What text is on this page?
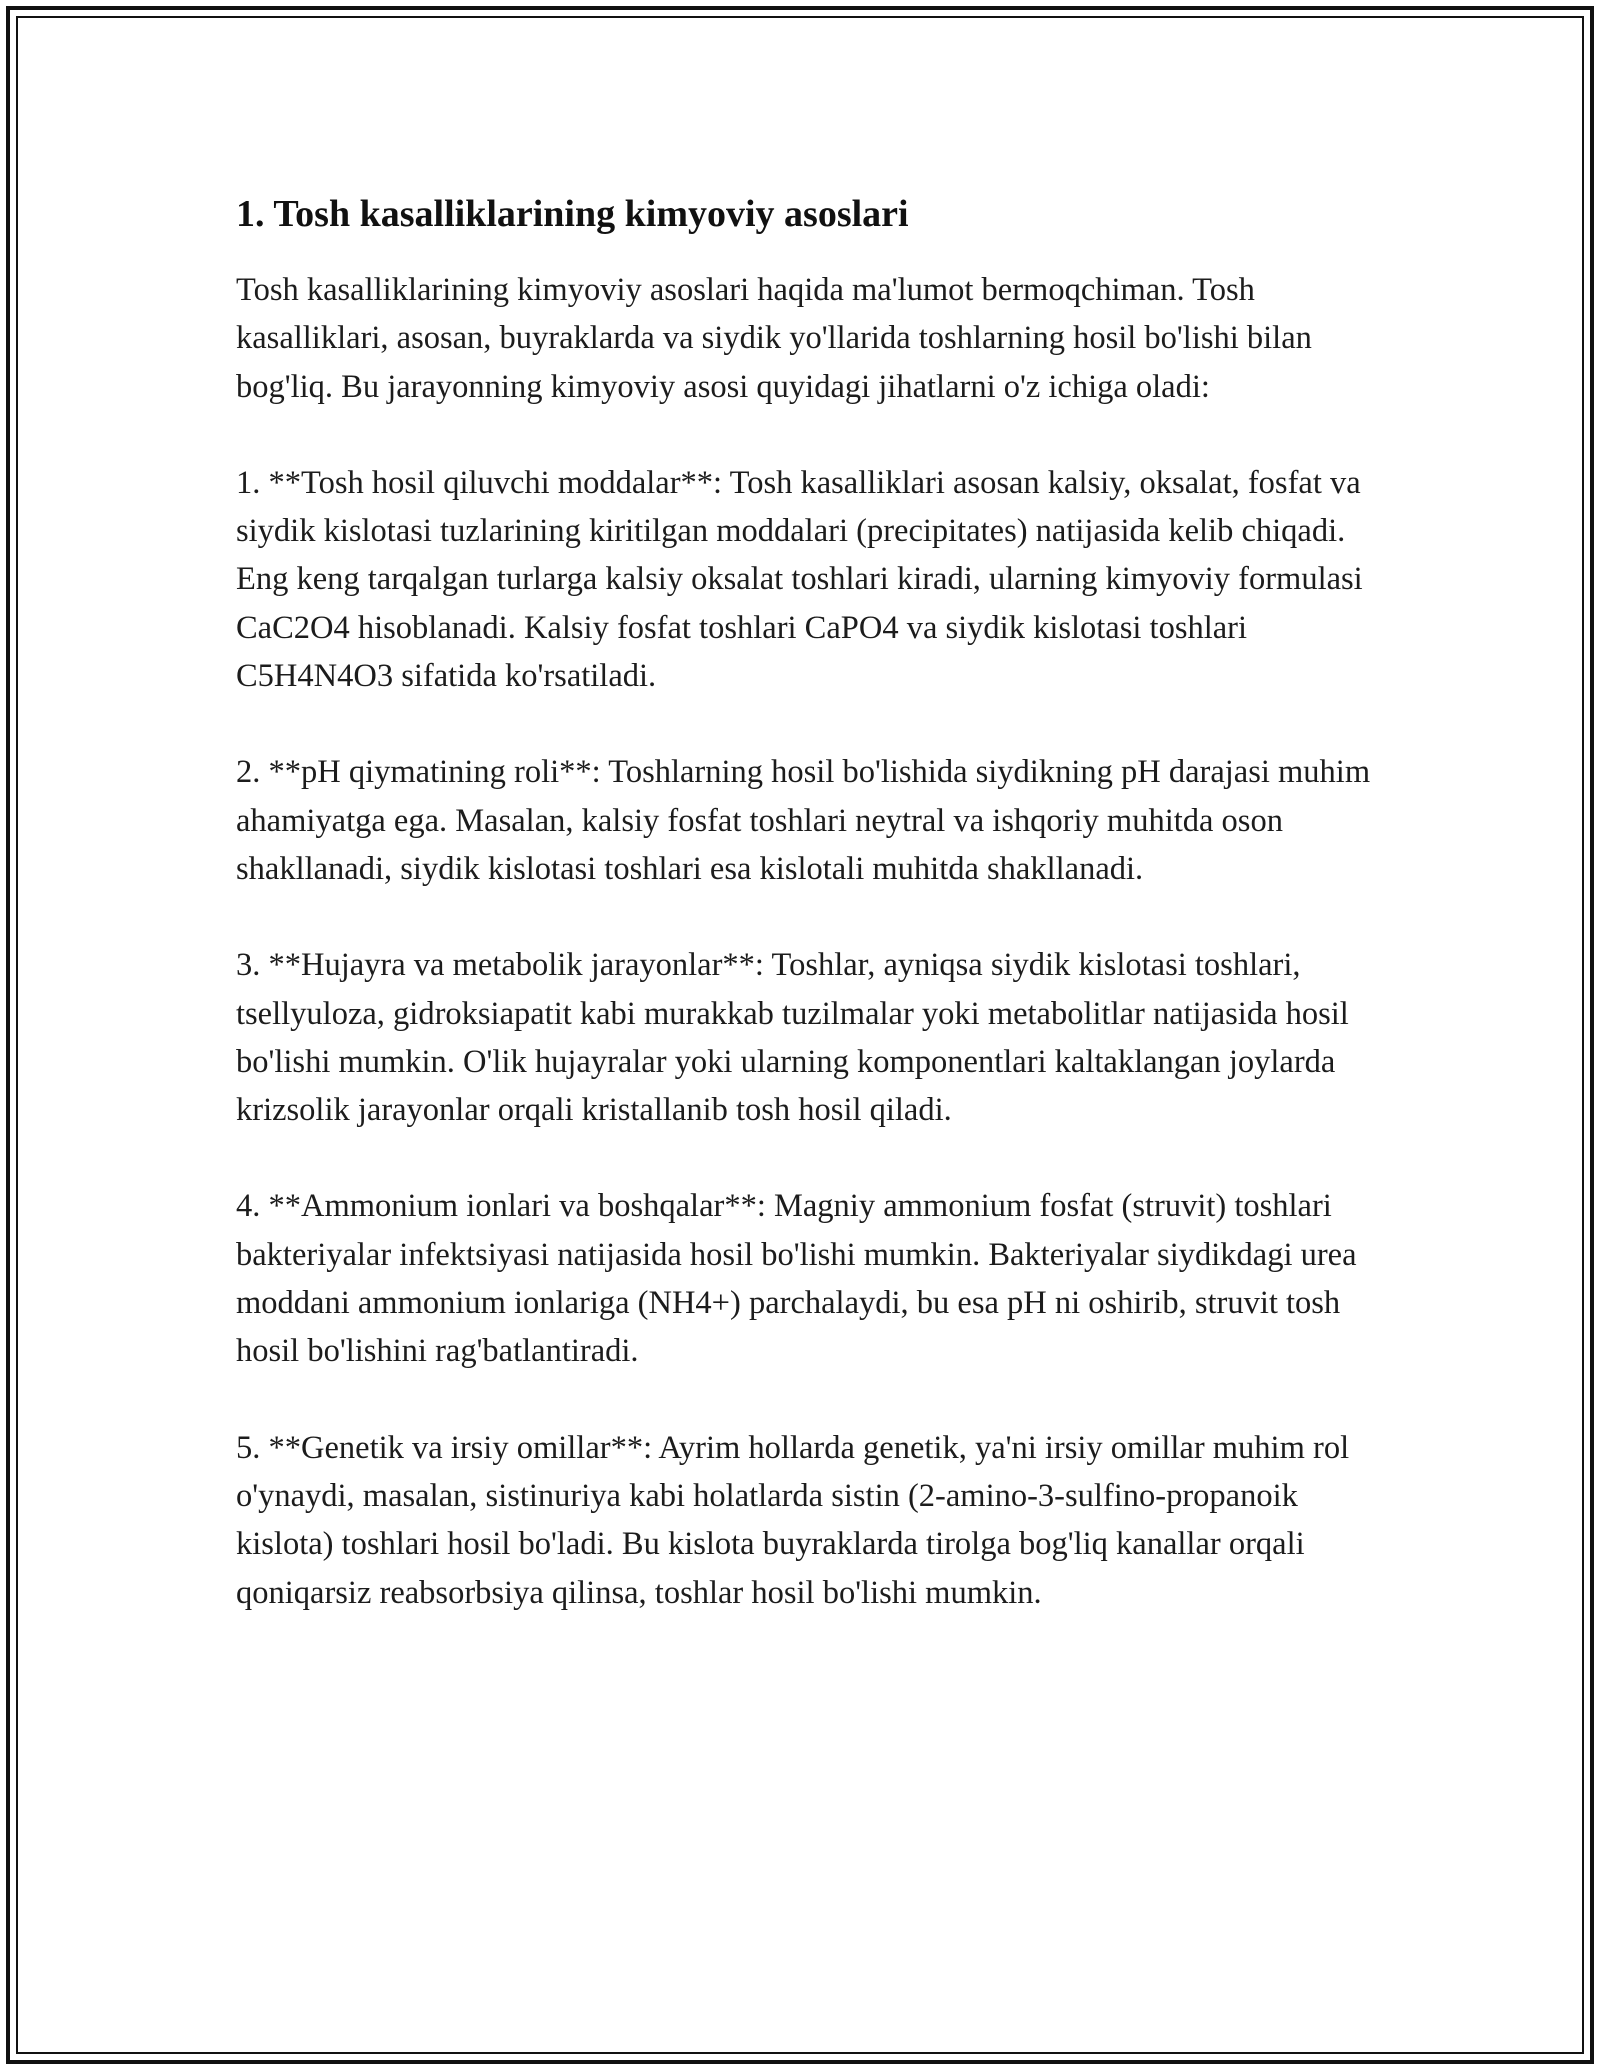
1. Tosh kasalliklarining kimyoviy asoslari

Tosh kasalliklarining kimyoviy asoslari haqida ma'lumot bermoqchiman. Tosh kasalliklari, asosan, buyraklarda va siydik yo'llarida toshlarning hosil bo'lishi bilan bog'liq. Bu jarayonning kimyoviy asosi quyidagi jihatlarni o'z ichiga oladi:

1. **Tosh hosil qiluvchi moddalar**: Tosh kasalliklari asosan kalsiy, oksalat, fosfat va siydik kislotasi tuzlarining kiritilgan moddalari (precipitates) natijasida kelib chiqadi. Eng keng tarqalgan turlarga kalsiy oksalat toshlari kiradi, ularning kimyoviy formulasi CaC2O4 hisoblanadi. Kalsiy fosfat toshlari CaPO4 va siydik kislotasi toshlari C5H4N4O3 sifatida ko'rsatiladi.

2. **pH qiymatining roli**: Toshlarning hosil bo'lishida siydikning pH darajasi muhim ahamiyatga ega. Masalan, kalsiy fosfat toshlari neytral va ishqoriy muhitda oson shakllanadi, siydik kislotasi toshlari esa kislotali muhitda shakllanadi.

3. **Hujayra va metabolik jarayonlar**: Toshlar, ayniqsa siydik kislotasi toshlari, tsellyuloza, gidroksiapatit kabi murakkab tuzilmalar yoki metabolitlar natijasida hosil bo'lishi mumkin. O'lik hujayralar yoki ularning komponentlari kaltaklangan joylarda krizsolik jarayonlar orqali kristallanib tosh hosil qiladi.

4. **Ammonium ionlari va boshqalar**: Magniy ammonium fosfat (struvit) toshlari bakteriyalar infektsiyasi natijasida hosil bo'lishi mumkin. Bakteriyalar siydikdagi urea moddani ammonium ionlariga (NH4+) parchalaydi, bu esa pH ni oshirib, struvit tosh hosil bo'lishini rag'batlantiradi.

5. **Genetik va irsiy omillar**: Ayrim hollarda genetik, ya'ni irsiy omillar muhim rol o'ynaydi, masalan, sistinuriya kabi holatlarda sistin (2-amino-3-sulfino-propanoik kislota) toshlari hosil bo'ladi. Bu kislota buyraklarda tirolga bog'liq kanallar orqali qoniqarsiz reabsorbsiya qilinsa, toshlar hosil bo'lishi mumkin.
